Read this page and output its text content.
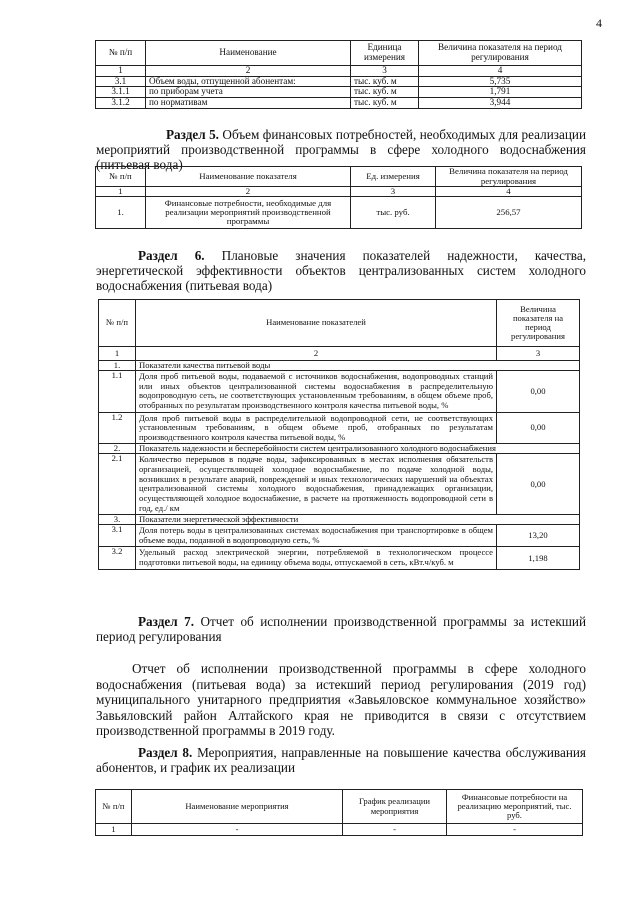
4
№ п/п	Наименование	Единица измерения	Величина показателя на период регулирования
1	2	3	4
3.1	Объем воды, отпущенной абонентам:	тыс. куб. м	5,735
3.1.1	по приборам учета	тыс. куб. м	1,791
3.1.2	по нормативам	тыс. куб. м	3,944
Раздел 5. Объем финансовых потребностей, необходимых для реализации мероприятий производственной программы в сфере холодного водоснабжения (питьевая вода)
№ п/п	Наименование показателя	Ед. измерения	Величина показателя на период регулирования
1	2	3	4
1.	Финансовые потребности, необходимые для реализации мероприятий производственной программы	тыс. руб.	256,57
Раздел 6. Плановые значения показателей надежности, качества, энергетической эффективности объектов централизованных систем холодного водоснабжения (питьевая вода)
№ п/п	Наименование показателей	Величина показателя на период регулирования
1	2	3
1.	Показатели качества питьевой воды	
1.1	Доля проб питьевой воды, подаваемой с источников водоснабжения, водопроводных станций или иных объектов централизованной системы водоснабжения в распределительную водопроводную сеть, не соответствующих установленным требованиям, в общем объеме проб, отобранных по результатам производственного контроля качества питьевой воды, %	0,00
1.2	Доля проб питьевой воды в распределительной водопроводной сети, не соответствующих установленным требованиям, в общем объеме проб, отобранных по результатам производственного контроля качества питьевой воды, %	0,00
2.	Показатель надежности и бесперебойности систем централизованного холодного водоснабжения	
2.1	Количество перерывов в подаче воды, зафиксированных в местах исполнения обязательств организацией, осуществляющей холодное водоснабжение, по подаче холодной воды, возникших в результате аварий, повреждений и иных технологических нарушений на объектах централизованной системы холодного водоснабжения, принадлежащих организации, осуществляющей холодное водоснабжение, в расчете на протяженность водопроводной сети в год, ед./ км	0,00
3.	Показатели энергетической эффективности	
3.1	Доля потерь воды в централизованных системах водоснабжения при транспортировке в общем объеме воды, поданной в водопроводную сеть, %	13,20
3.2	Удельный расход электрической энергии, потребляемой в технологическом процессе подготовки питьевой воды, на единицу объема воды, отпускаемой в сеть, кВт.ч/куб. м	1,198
Раздел 7. Отчет об исполнении производственной программы за истекший период регулирования
Отчет об исполнении производственной программы в сфере холодного водоснабжения (питьевая вода) за истекший период регулирования (2019 год) муниципального унитарного предприятия «Завьяловское коммунальное хозяйство» Завьяловский район Алтайского края не приводится в связи с отсутствием производственной программы в 2019 году.
Раздел 8. Мероприятия, направленные на повышение качества обслуживания абонентов, и график их реализации
№ п/п	Наименование мероприятия	График реализации мероприятия	Финансовые потребности на реализацию мероприятий, тыс. руб.
1	-	-	-
